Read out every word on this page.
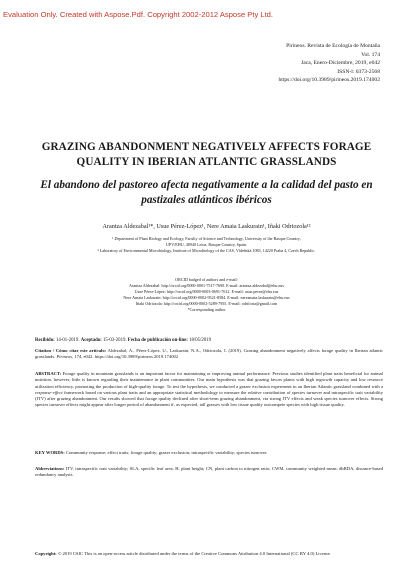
Evaluation Only. Created with Aspose.Pdf. Copyright 2002-2012 Aspose Pty Ltd.
Pirineos. Revista de Ecología de Montaña
Vol. 174
Jaca, Enero-Diciembre, 2019, e042
ISSN-l: 0373-2568
https://doi.org/10.3989/pirineos.2019.174002
GRAZING ABANDONMENT NEGATIVELY AFFECTS FORAGE QUALITY IN IBERIAN ATLANTIC GRASSLANDS
El abandono del pastoreo afecta negativamente a la calidad del pasto en pastizales atlánticos ibéricos
Arantza Aldezabal¹*, Usue Pérez-López¹, Nere Amaia Laskurain¹, Iñaki Odriozola¹²
¹ Department of Plant Biology and Ecology, Faculty of Science and Technology, University of the Basque Country,
UPV/EHU, 48940 Leioa, Basque Country, Spain.
² Laboratory of Environmental Microbiology, Institute of Microbiology of the CAS, Vídeňská 1083, 14220 Praha 4, Czech Republic.
ORCID badged of authors and e-mail:
Arantza Aldezabal: http://orcid.org/0000-0001-7517-7690. E-mail: arantza.aldezabal@ehu.eus
Usue Pérez-López: http://orcid.org/0000-0003-0691-7612. E-mail: usue.perez@ehu.eus
Nere Amaia Laskurain: http://orcid.org/0000-0002-9521-8584. E-mail: nereamaia.laskurain@ehu.eus
Iñaki Odriozola: http://orcid.org/0000-0002-5289-7955. E-mail: odriforia@gmail.com
*Corresponding author
Recibido: 14-01-2019. Aceptado: 15-03-2019. Fecha de publicación on-line: 18/05/2019
Citation / Cómo citar este artículo: Aldezabal, A., Pérez-López, U., Laskurain, N.A., Odriozola, I. (2019). Grazing abandonment negatively affects forage quality in Iberian atlantic grasslands. Pirineos, 174, e042. https://doi.org/10.3989/pirineos.2019.174002
ABSTRACT: Forage quality in mountain grasslands is an important factor for maintaining or improving animal performance. Previous studies identified plant traits beneficial for animal nutrition, however, little is known regarding their maintenance in plant communities. Our main hypothesis was that grazing favors plants with high regrowth capacity and low resource utilization efficiency, promoting the production of high-quality forage. To test the hypothesis, we conducted a grazer exclusion experiment in an Iberian Atlantic grassland combined with a response-effect framework based on various plant traits and an appropriate statistical methodology to measure the relative contribution of species turnover and intraspecific trait variability (ITV) after grazing abandonment. Our results showed that forage quality declined after short-term grazing abandonment, via strong ITV effects and weak species turnover effects. Strong species turnover effects might appear after longer period of abandonment if, as expected, tall grasses with low tissue quality outcompete species with high tissue quality.
KEY WORDS: Community response; effect traits; forage quality; grazer exclusion; intraspecific variability; species turnover.
Abbreviations: ITV, intraspecific trait variability; SLA, specific leaf area; H, plant height; CN, plant carbon to nitrogen ratio; CWM, community weighted mean; dbRDA, distance-based redundancy analysis.
Copyright: © 2019 CSIC This is an open-access article distributed under the terms of the Creative Commons Attribution 4.0 International (CC BY 4.0) License.
